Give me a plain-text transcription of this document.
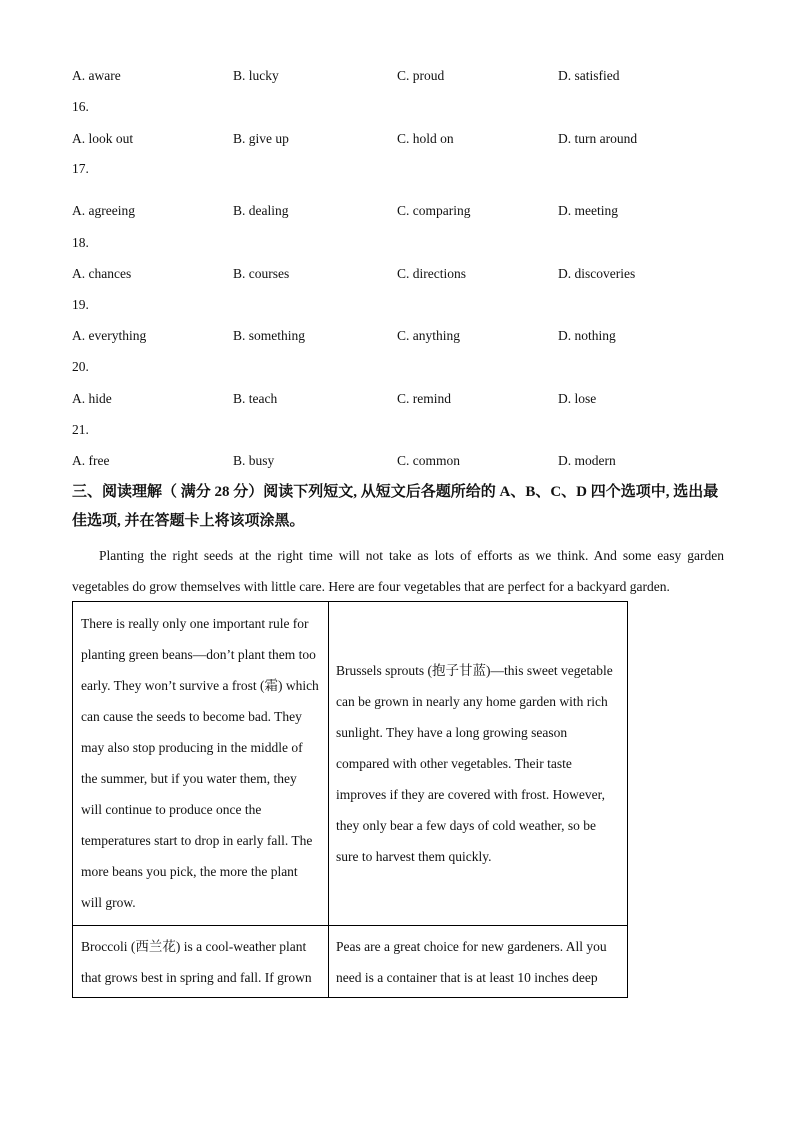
A. aware	B. lucky	C. proud	D. satisfied
16.
A. look out	B. give up	C. hold on	D. turn around
17.
A. agreeing	B. dealing	C. comparing	D. meeting
18.
A. chances	B. courses	C. directions	D. discoveries
19.
A. everything	B. something	C. anything	D. nothing
20.
A. hide	B. teach	C. remind	D. lose
21.
A. free	B. busy	C. common	D. modern
三、阅读理解（ 满分 28 分）阅读下列短文, 从短文后各题所给的 A、B、C、D 四个选项中, 选出最佳选项, 并在答题卡上将该项涂黑。
Planting the right seeds at the right time will not take as lots of efforts as we think. And some easy garden vegetables do grow themselves with little care. Here are four vegetables that are perfect for a backyard garden.
There is really only one important rule for planting green beans—don’t plant them too early. They won’t survive a frost (霜) which can cause the seeds to become bad. They may also stop producing in the middle of the summer, but if you water them, they will continue to produce once the temperatures start to drop in early fall. The more beans you pick, the more the plant will grow.
Brussels sprouts (抱子甘蓝)—this sweet vegetable can be grown in nearly any home garden with rich sunlight. They have a long growing season compared with other vegetables. Their taste improves if they are covered with frost. However, they only bear a few days of cold weather, so be sure to harvest them quickly.
Broccoli (西兰花) is a cool-weather plant that grows best in spring and fall. If grown
Peas are a great choice for new gardeners. All you need is a container that is at least 10 inches deep
